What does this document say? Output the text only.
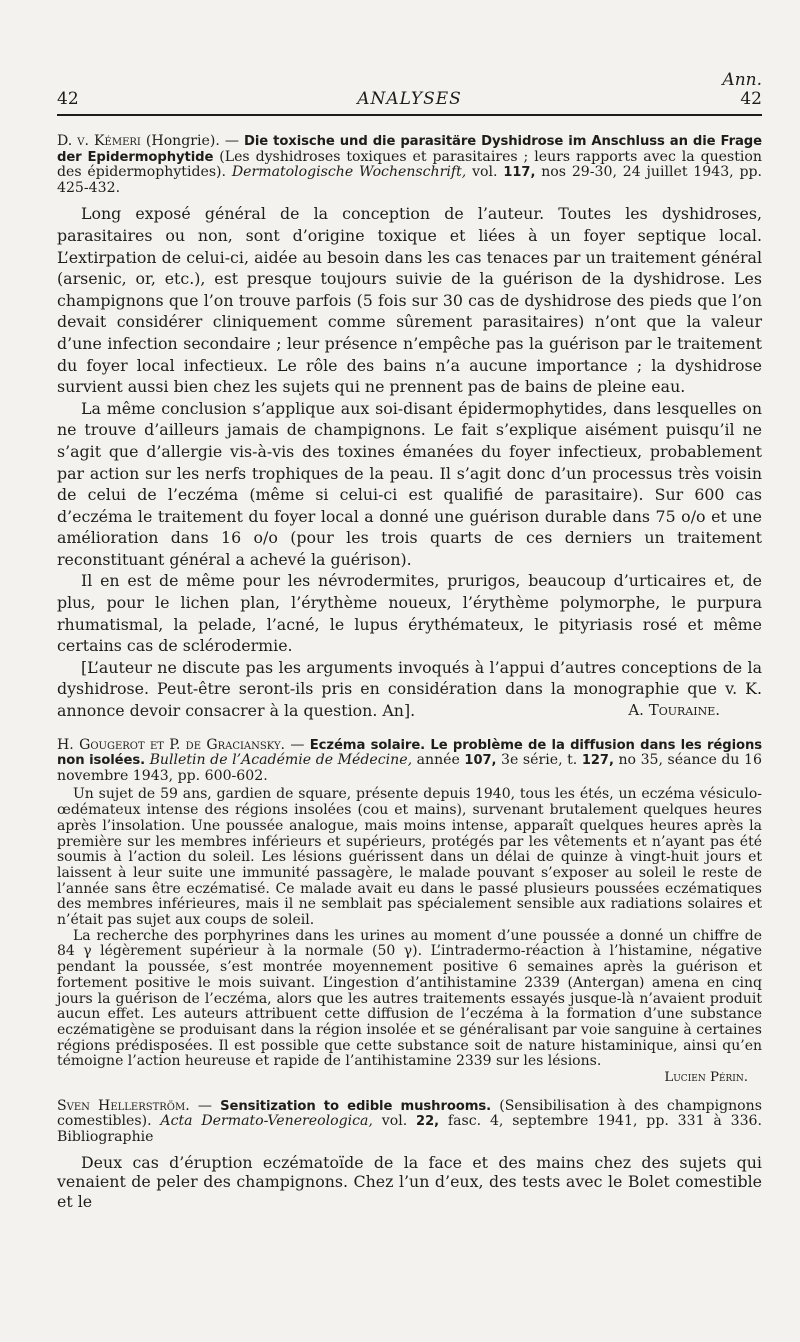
Ann.
42	ANALYSES	42

D. v. Kémeri (Hongrie). — Die toxische und die parasitäre Dyshidrose im Anschluss an die Frage der Epidermophytide (Les dyshidroses toxiques et parasitaires ; leurs rapports avec la question des épidermophytides). Dermatologische Wochenschrift, vol. 117, nos 29-30, 24 juillet 1943, pp. 425-432.

Long exposé général de la conception de l’auteur. Toutes les dyshidroses, parasitaires ou non, sont d’origine toxique et liées à un foyer septique local. L’extirpation de celui-ci, aidée au besoin dans les cas tenaces par un traitement général (arsenic, or, etc.), est presque toujours suivie de la guérison de la dyshidrose. Les champignons que l’on trouve parfois (5 fois sur 30 cas de dyshidrose des pieds que l’on devait considérer cliniquement comme sûrement parasitaires) n’ont que la valeur d’une infection secondaire ; leur présence n’empêche pas la guérison par le traitement du foyer local infectieux. Le rôle des bains n’a aucune importance ; la dyshidrose survient aussi bien chez les sujets qui ne prennent pas de bains de pleine eau.

La même conclusion s’applique aux soi-disant épidermophytides, dans lesquelles on ne trouve d’ailleurs jamais de champignons. Le fait s’explique aisément puisqu’il ne s’agit que d’allergie vis-à-vis des toxines émanées du foyer infectieux, probablement par action sur les nerfs trophiques de la peau. Il s’agit donc d’un processus très voisin de celui de l’eczéma (même si celui-ci est qualifié de parasitaire). Sur 600 cas d’eczéma le traitement du foyer local a donné une guérison durable dans 75 o/o et une amélioration dans 16 o/o (pour les trois quarts de ces derniers un traitement reconstituant général a achevé la guérison).

Il en est de même pour les névrodermites, prurigos, beaucoup d’urticaires et, de plus, pour le lichen plan, l’érythème noueux, l’érythème polymorphe, le purpura rhumatismal, la pelade, l’acné, le lupus érythémateux, le pityriasis rosé et même certains cas de sclérodermie.

[L’auteur ne discute pas les arguments invoqués à l’appui d’autres conceptions de la dyshidrose. Peut-être seront-ils pris en considération dans la monographie que v. K. annonce devoir consacrer à la question. An].	A. Touraine.

H. Gougerot et P. de Graciansky. — Eczéma solaire. Le problème de la diffusion dans les régions non isolées. Bulletin de l’Académie de Médecine, année 107, 3e série, t. 127, no 35, séance du 16 novembre 1943, pp. 600-602.

Un sujet de 59 ans, gardien de square, présente depuis 1940, tous les étés, un eczéma vésiculo-œdémateux intense des régions insolées (cou et mains), survenant brutalement quelques heures après l’insolation. Une poussée analogue, mais moins intense, apparaît quelques heures après la première sur les membres inférieurs et supérieurs, protégés par les vêtements et n’ayant pas été soumis à l’action du soleil. Les lésions guérissent dans un délai de quinze à vingt-huit jours et laissent à leur suite une immunité passagère, le malade pouvant s’exposer au soleil le reste de l’année sans être eczématisé. Ce malade avait eu dans le passé plusieurs poussées eczématiques des membres inférieures, mais il ne semblait pas spécialement sensible aux radiations solaires et n’était pas sujet aux coups de soleil.

La recherche des porphyrines dans les urines au moment d’une poussée a donné un chiffre de 84 γ légèrement supérieur à la normale (50 γ). L’intradermo-réaction à l’histamine, négative pendant la poussée, s’est montrée moyennement positive 6 semaines après la guérison et fortement positive le mois suivant. L’ingestion d’antihistamine 2339 (Antergan) amena en cinq jours la guérison de l’eczéma, alors que les autres traitements essayés jusque-là n’avaient produit aucun effet. Les auteurs attribuent cette diffusion de l’eczéma à la formation d’une substance eczématigène se produisant dans la région insolée et se généralisant par voie sanguine à certaines régions prédisposées. Il est possible que cette substance soit de nature histaminique, ainsi qu’en témoigne l’action heureuse et rapide de l’antihistamine 2339 sur les lésions.

Lucien Périn.

Sven Hellerström. — Sensitization to edible mushrooms. (Sensibilisation à des champignons comestibles). Acta Dermato-Venereologica, vol. 22, fasc. 4, septembre 1941, pp. 331 à 336. Bibliographie

Deux cas d’éruption eczématoïde de la face et des mains chez des sujets qui venaient de peler des champignons. Chez l’un d’eux, des tests avec le Bolet comestible et le
